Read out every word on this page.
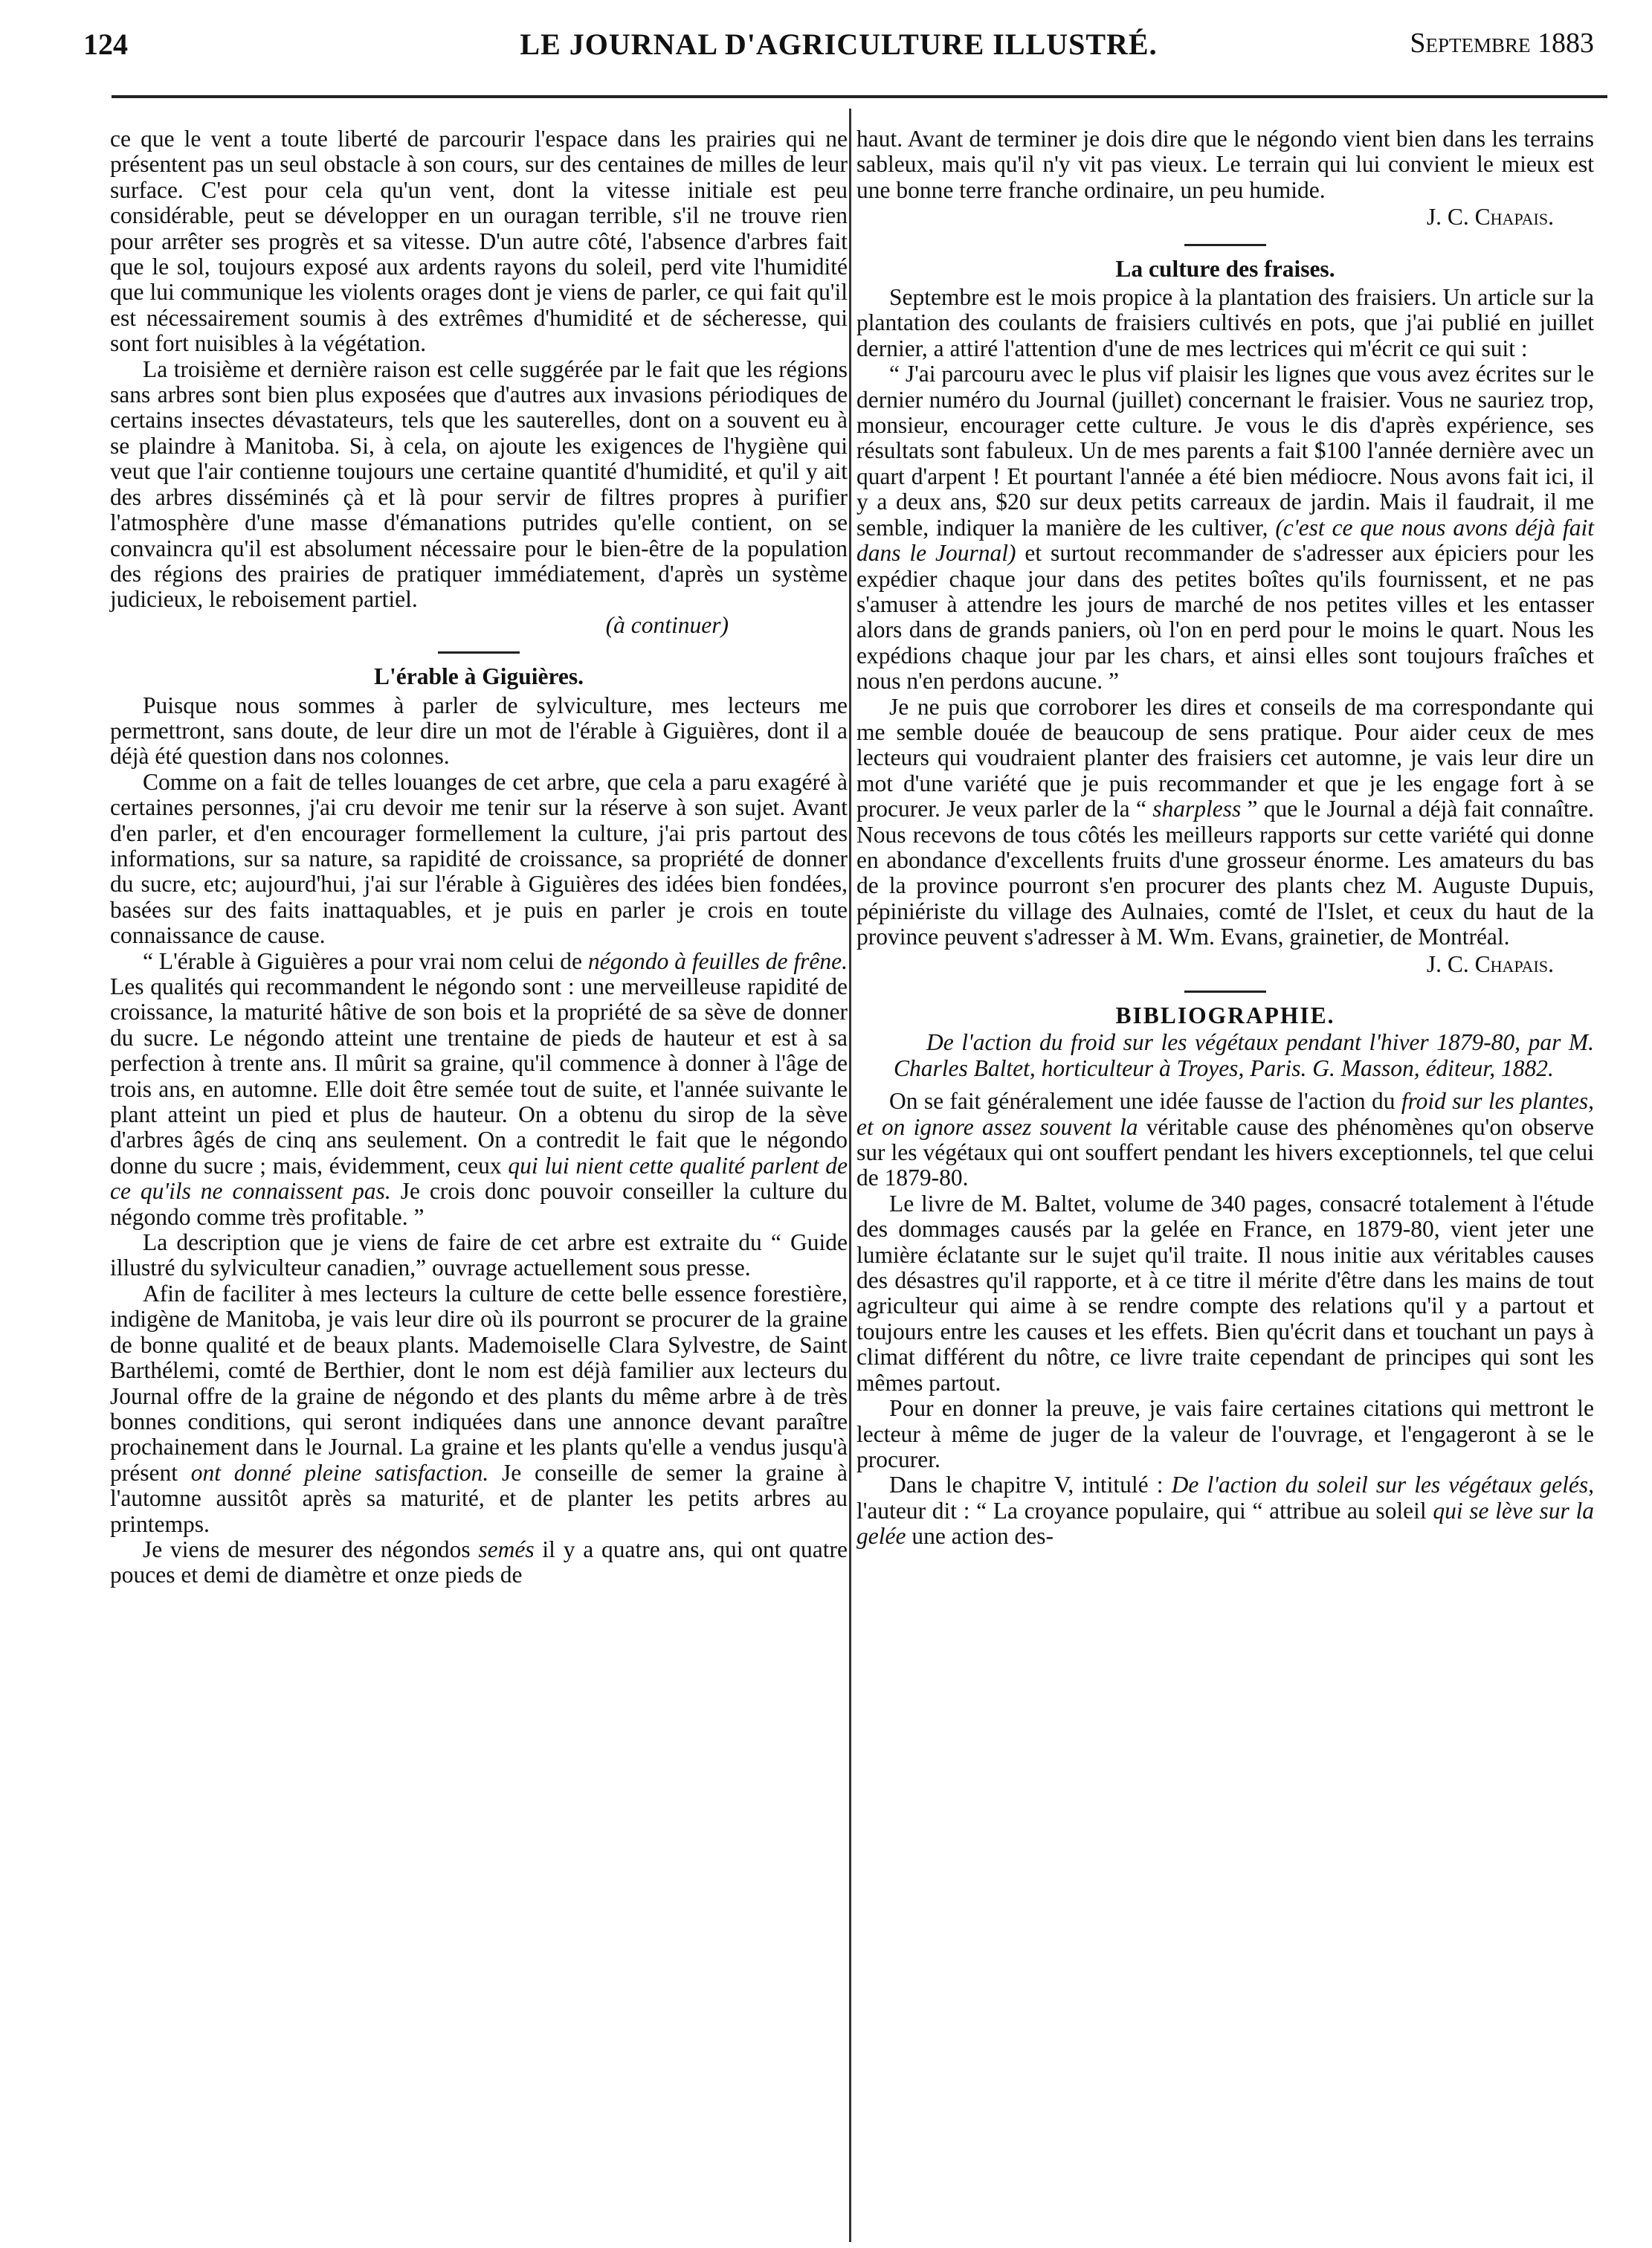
124	LE JOURNAL D'AGRICULTURE ILLUSTRÉ.	Septembre 1883

ce que le vent a toute liberté de parcourir l'espace dans les prairies qui ne présentent pas un seul obstacle à son cours, sur des centaines de milles de leur surface. C'est pour cela qu'un vent, dont la vitesse initiale est peu considérable, peut se développer en un ouragan terrible, s'il ne trouve rien pour arrêter ses progrès et sa vitesse. D'un autre côté, l'absence d'arbres fait que le sol, toujours exposé aux ardents rayons du soleil, perd vite l'humidité que lui communique les violents orages dont je viens de parler, ce qui fait qu'il est nécessairement soumis à des extrêmes d'humidité et de sécheresse, qui sont fort nuisibles à la végétation.

La troisième et dernière raison est celle suggérée par le fait que les régions sans arbres sont bien plus exposées que d'autres aux invasions périodiques de certains insectes dévastateurs, tels que les sauterelles, dont on a souvent eu à se plaindre à Manitoba. Si, à cela, on ajoute les exigences de l'hygiène qui veut que l'air contienne toujours une certaine quantité d'humidité, et qu'il y ait des arbres disséminés çà et là pour servir de filtres propres à purifier l'atmosphère d'une masse d'émanations putrides qu'elle contient, on se convaincra qu'il est absolument nécessaire pour le bien-être de la population des régions des prairies de pratiquer immédiatement, d'après un système judicieux, le reboisement partiel.

(à continuer)
L'érable à Giguières.

Puisque nous sommes à parler de sylviculture, mes lecteurs me permettront, sans doute, de leur dire un mot de l'érable à Giguières, dont il a déjà été question dans nos colonnes.

Comme on a fait de telles louanges de cet arbre, que cela a paru exagéré à certaines personnes, j'ai cru devoir me tenir sur la réserve à son sujet. Avant d'en parler, et d'en encourager formellement la culture, j'ai pris partout des informations, sur sa nature, sa rapidité de croissance, sa propriété de donner du sucre, etc; aujourd'hui, j'ai sur l'érable à Giguières des idées bien fondées, basées sur des faits inattaquables, et je puis en parler je crois en toute connaissance de cause.

“ L'érable à Giguières a pour vrai nom celui de négondo à feuilles de frêne. Les qualités qui recommandent le négondo sont : une merveilleuse rapidité de croissance, la maturité hâtive de son bois et la propriété de sa sève de donner du sucre. Le négondo atteint une trentaine de pieds de hauteur et est à sa perfection à trente ans. Il mûrit sa graine, qu'il commence à donner à l'âge de trois ans, en automne. Elle doit être semée tout de suite, et l'année suivante le plant atteint un pied et plus de hauteur. On a obtenu du sirop de la sève d'arbres âgés de cinq ans seulement. On a contredit le fait que le négondo donne du sucre ; mais, évidemment, ceux qui lui nient cette qualité parlent de ce qu'ils ne connaissent pas. Je crois donc pouvoir conseiller la culture du négondo comme très profitable. ”

La description que je viens de faire de cet arbre est extraite du “ Guide illustré du sylviculteur canadien,” ouvrage actuellement sous presse.

Afin de faciliter à mes lecteurs la culture de cette belle essence forestière, indigène de Manitoba, je vais leur dire où ils pourront se procurer de la graine de bonne qualité et de beaux plants. Mademoiselle Clara Sylvestre, de Saint Barthélemi, comté de Berthier, dont le nom est déjà familier aux lecteurs du Journal offre de la graine de négondo et des plants du même arbre à de très bonnes conditions, qui seront indiquées dans une annonce devant paraître prochainement dans le Journal. La graine et les plants qu'elle a vendus jusqu'à présent ont donné pleine satisfaction. Je conseille de semer la graine à l'automne aussitôt après sa maturité, et de planter les petits arbres au printemps.

Je viens de mesurer des négondos semés il y a quatre ans, qui ont quatre pouces et demi de diamètre et onze pieds de

haut. Avant de terminer je dois dire que le négondo vient bien dans les terrains sableux, mais qu'il n'y vit pas vieux. Le terrain qui lui convient le mieux est une bonne terre franche ordinaire, un peu humide.

J. C. Chapais.
La culture des fraises.

Septembre est le mois propice à la plantation des fraisiers. Un article sur la plantation des coulants de fraisiers cultivés en pots, que j'ai publié en juillet dernier, a attiré l'attention d'une de mes lectrices qui m'écrit ce qui suit :

“ J'ai parcouru avec le plus vif plaisir les lignes que vous avez écrites sur le dernier numéro du Journal (juillet) concernant le fraisier. Vous ne sauriez trop, monsieur, encourager cette culture. Je vous le dis d'après expérience, ses résultats sont fabuleux. Un de mes parents a fait $100 l'année dernière avec un quart d'arpent ! Et pourtant l'année a été bien médiocre. Nous avons fait ici, il y a deux ans, $20 sur deux petits carreaux de jardin. Mais il faudrait, il me semble, indiquer la manière de les cultiver, (c'est ce que nous avons déjà fait dans le Journal) et surtout recommander de s'adresser aux épiciers pour les expédier chaque jour dans des petites boîtes qu'ils fournissent, et ne pas s'amuser à attendre les jours de marché de nos petites villes et les entasser alors dans de grands paniers, où l'on en perd pour le moins le quart. Nous les expédions chaque jour par les chars, et ainsi elles sont toujours fraîches et nous n'en perdons aucune. ”

Je ne puis que corroborer les dires et conseils de ma correspondante qui me semble douée de beaucoup de sens pratique. Pour aider ceux de mes lecteurs qui voudraient planter des fraisiers cet automne, je vais leur dire un mot d'une variété que je puis recommander et que je les engage fort à se procurer. Je veux parler de la “ sharpless ” que le Journal a déjà fait connaître. Nous recevons de tous côtés les meilleurs rapports sur cette variété qui donne en abondance d'excellents fruits d'une grosseur énorme. Les amateurs du bas de la province pourront s'en procurer des plants chez M. Auguste Dupuis, pépiniériste du village des Aulnaies, comté de l'Islet, et ceux du haut de la province peuvent s'adresser à M. Wm. Evans, grainetier, de Montréal.

J. C. Chapais.
BIBLIOGRAPHIE.

De l'action du froid sur les végétaux pendant l'hiver 1879-80, par M. Charles Baltet, horticulteur à Troyes, Paris. G. Masson, éditeur, 1882.

On se fait généralement une idée fausse de l'action du froid sur les plantes, et on ignore assez souvent la véritable cause des phénomènes qu'on observe sur les végétaux qui ont souffert pendant les hivers exceptionnels, tel que celui de 1879-80.

Le livre de M. Baltet, volume de 340 pages, consacré totalement à l'étude des dommages causés par la gelée en France, en 1879-80, vient jeter une lumière éclatante sur le sujet qu'il traite. Il nous initie aux véritables causes des désastres qu'il rapporte, et à ce titre il mérite d'être dans les mains de tout agriculteur qui aime à se rendre compte des relations qu'il y a partout et toujours entre les causes et les effets. Bien qu'écrit dans et touchant un pays à climat différent du nôtre, ce livre traite cependant de principes qui sont les mêmes partout.

Pour en donner la preuve, je vais faire certaines citations qui mettront le lecteur à même de juger de la valeur de l'ouvrage, et l'engageront à se le procurer.

Dans le chapitre V, intitulé : De l'action du soleil sur les végétaux gelés, l'auteur dit : “ La croyance populaire, qui “ attribue au soleil qui se lève sur la gelée une action des-
